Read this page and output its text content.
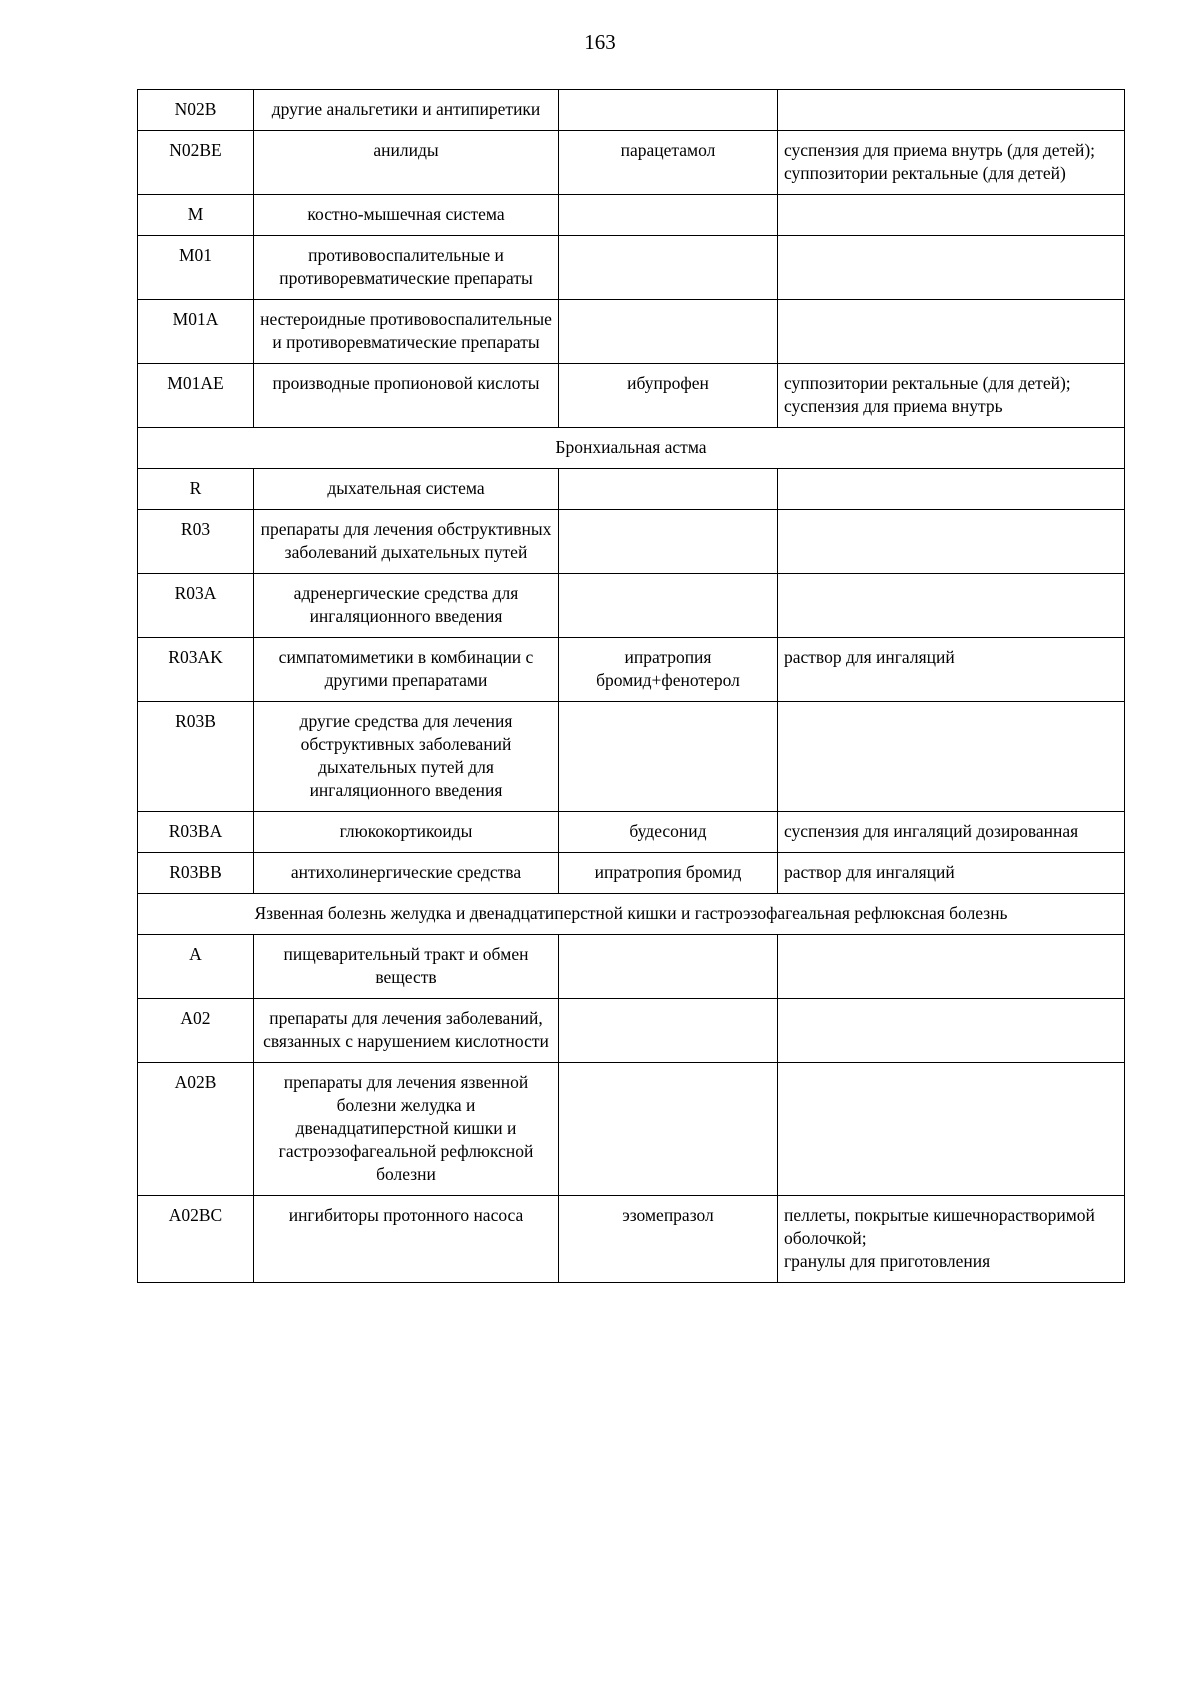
163
N02B	другие анальгетики и антипиретики		
N02BE	анилиды	парацетамол	суспензия для приема внутрь (для детей);
суппозитории ректальные (для детей)

M	костно-мышечная система		
M01	противовоспалительные и противоревматические препараты		
M01A	нестероидные противовоспалительные и противоревматические препараты		
M01AE	производные пропионовой кислоты	ибупрофен	суппозитории ректальные (для детей);
суспензия для приема внутрь

Бронхиальная астма			
R	дыхательная система		
R03	препараты для лечения обструктивных заболеваний дыхательных путей		
R03A	адренергические средства для ингаляционного введения		
R03AK	симпатомиметики в комбинации с другими препаратами	ипратропия бромид+фенотерол	раствор для ингаляций

R03B	другие средства для лечения обструктивных заболеваний дыхательных путей для ингаляционного введения		
R03BA	глюкокортикоиды	будесонид	суспензия для ингаляций дозированная

R03BB	антихолинергические средства	ипратропия бромид	раствор для ингаляций

Язвенная болезнь желудка и двенадцатиперстной кишки и гастроэзофагеальная рефлюксная болезнь			
A	пищеварительный тракт и обмен веществ		
A02	препараты для лечения заболеваний, связанных с нарушением кислотности		
A02B	препараты для лечения язвенной болезни желудка и двенадцатиперстной кишки и гастроэзофагеальной рефлюксной болезни		
A02BC	ингибиторы протонного насоса	эзомепразол	пеллеты, покрытые кишечнорастворимой оболочкой;
гранулы для приготовления
